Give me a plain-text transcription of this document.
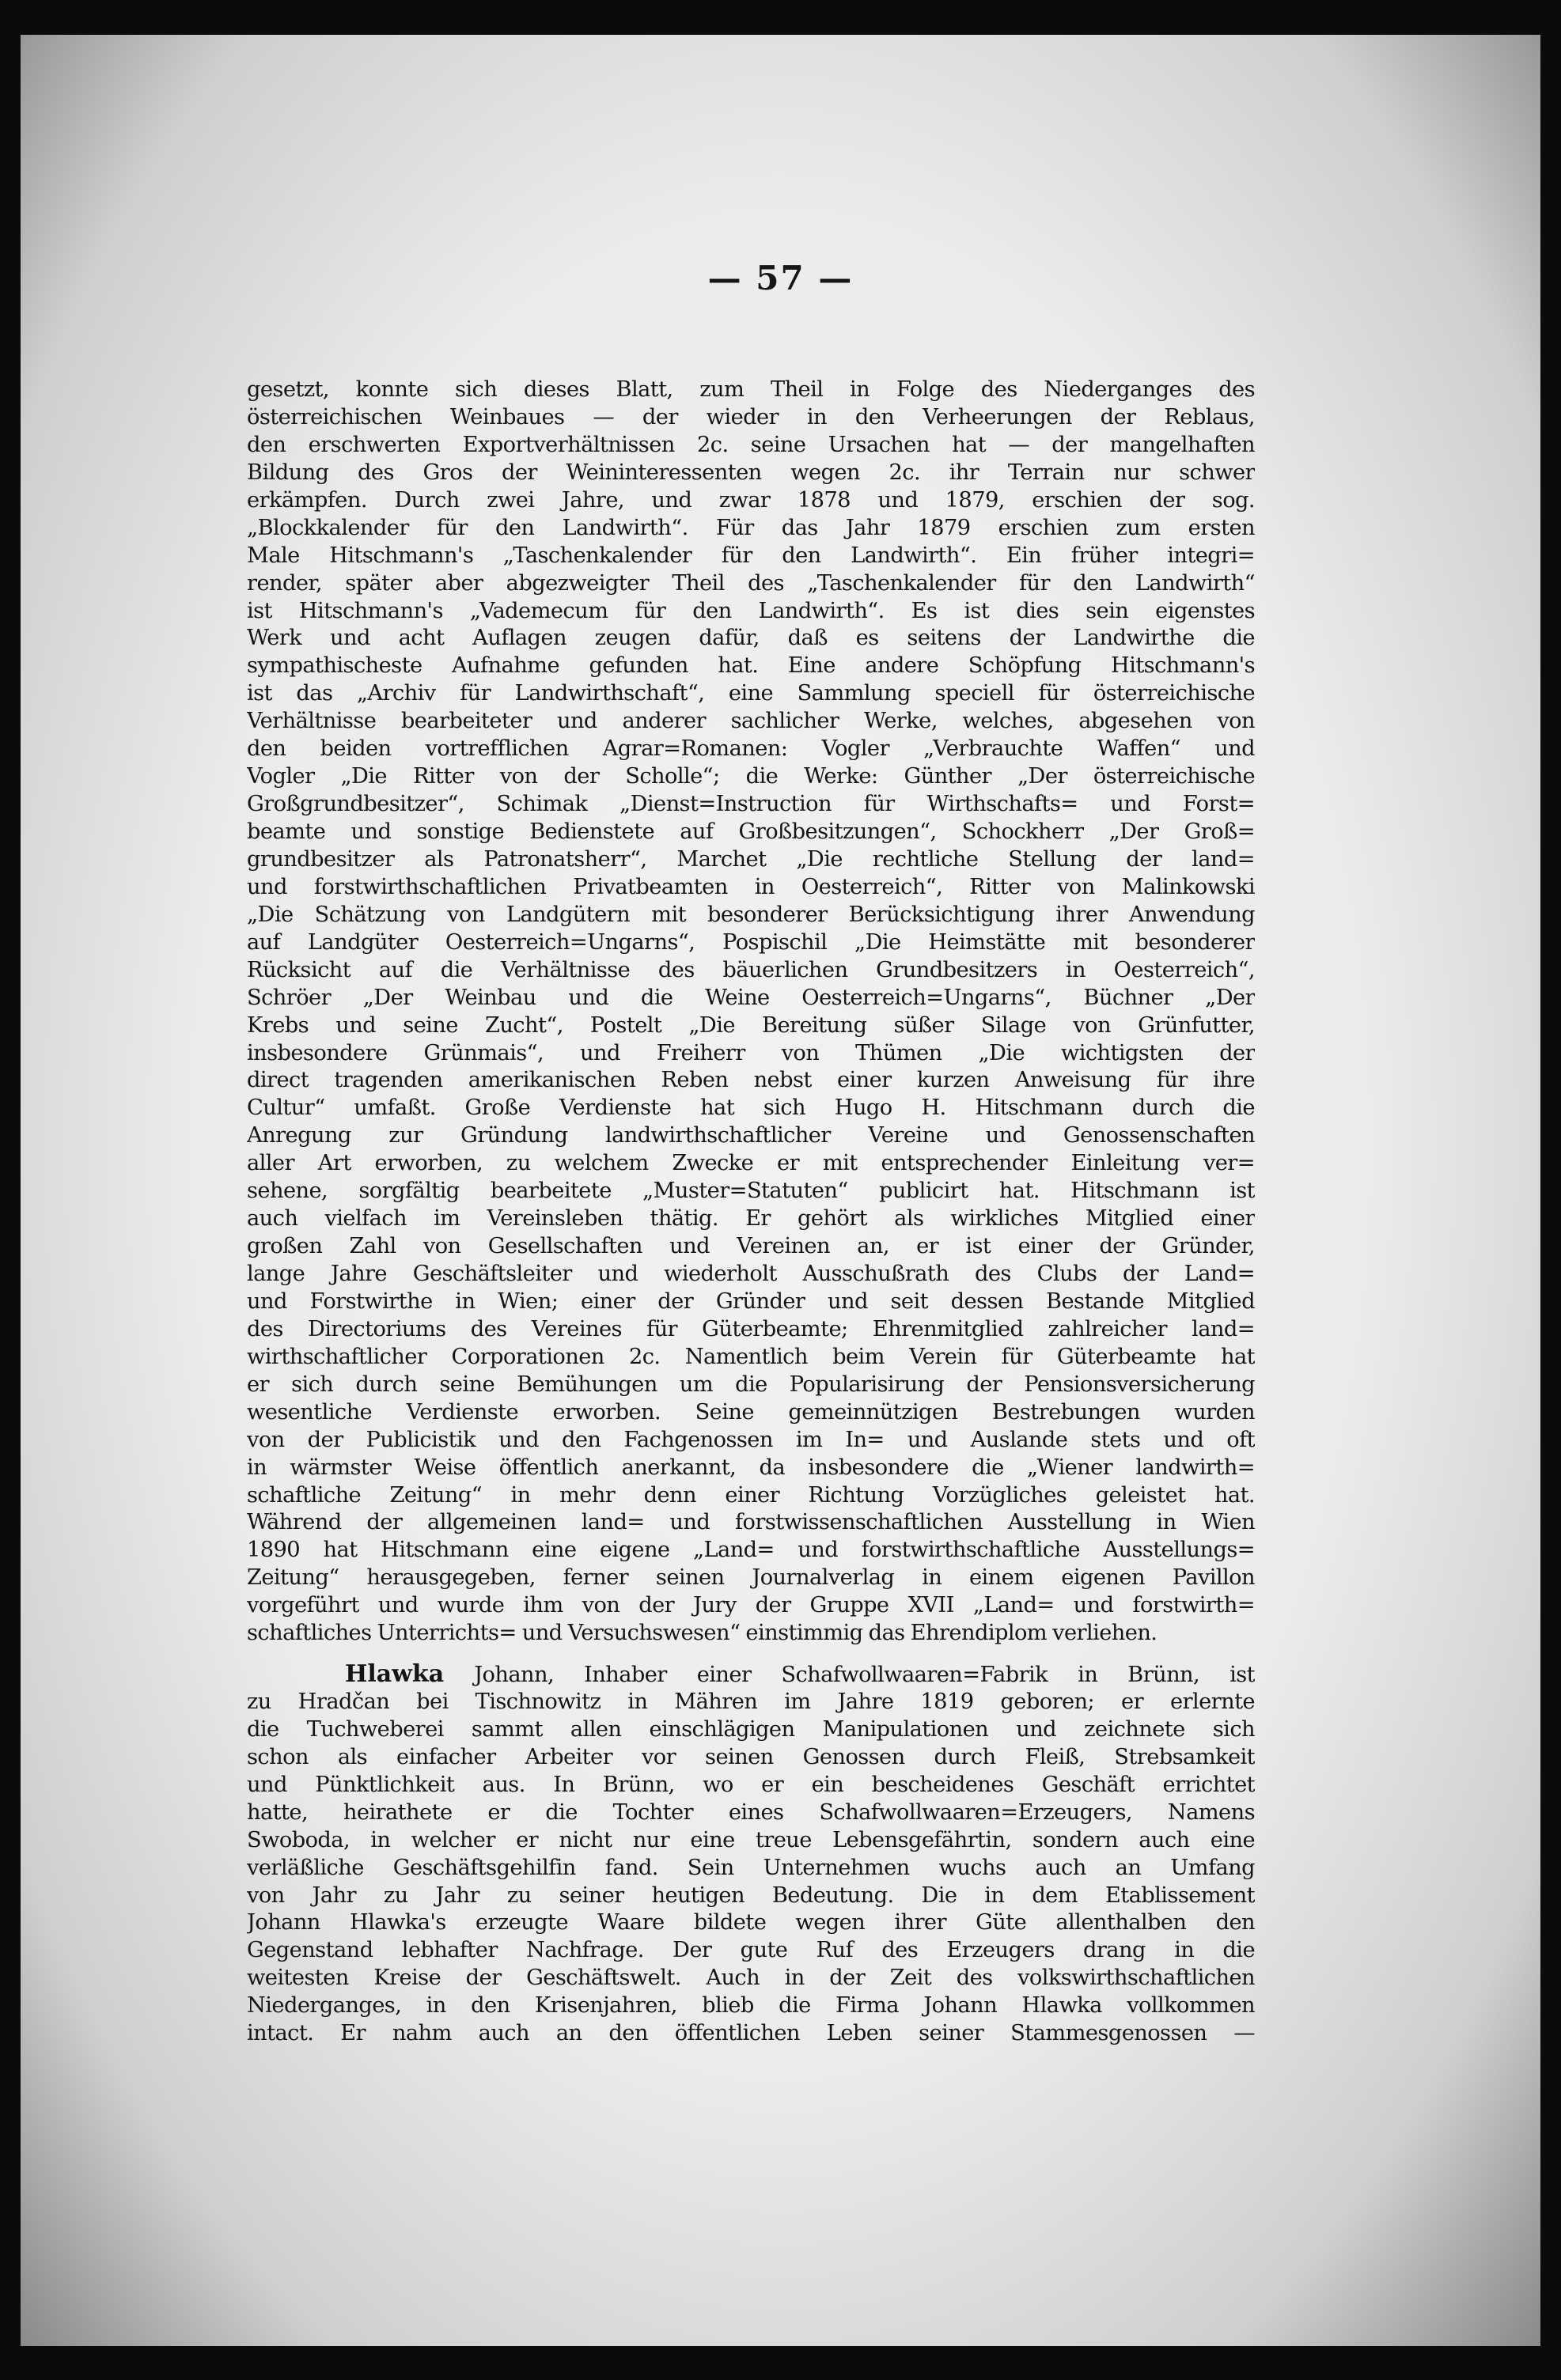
— 57 —
gesetzt, konnte sich dieses Blatt, zum Theil in Folge des Niederganges des
österreichischen Weinbaues — der wieder in den Verheerungen der Reblaus,
den erschwerten Exportverhältnissen 2c. seine Ursachen hat — der mangelhaften
Bildung des Gros der Weininteressenten wegen 2c. ihr Terrain nur schwer
erkämpfen. Durch zwei Jahre, und zwar 1878 und 1879, erschien der sog.
„Blockkalender für den Landwirth“. Für das Jahr 1879 erschien zum ersten
Male Hitschmann's „Taschenkalender für den Landwirth“. Ein früher integri=
render, später aber abgezweigter Theil des „Taschenkalender für den Landwirth“
ist Hitschmann's „Vademecum für den Landwirth“. Es ist dies sein eigenstes
Werk und acht Auflagen zeugen dafür, daß es seitens der Landwirthe die
sympathischeste Aufnahme gefunden hat. Eine andere Schöpfung Hitschmann's
ist das „Archiv für Landwirthschaft“, eine Sammlung speciell für österreichische
Verhältnisse bearbeiteter und anderer sachlicher Werke, welches, abgesehen von
den beiden vortrefflichen Agrar=Romanen: Vogler „Verbrauchte Waffen“ und
Vogler „Die Ritter von der Scholle“; die Werke: Günther „Der österreichische
Großgrundbesitzer“, Schimak „Dienst=Instruction für Wirthschafts= und Forst=
beamte und sonstige Bedienstete auf Großbesitzungen“, Schockherr „Der Groß=
grundbesitzer als Patronatsherr“, Marchet „Die rechtliche Stellung der land=
und forstwirthschaftlichen Privatbeamten in Oesterreich“, Ritter von Malinkowski
„Die Schätzung von Landgütern mit besonderer Berücksichtigung ihrer Anwendung
auf Landgüter Oesterreich=Ungarns“, Pospischil „Die Heimstätte mit besonderer
Rücksicht auf die Verhältnisse des bäuerlichen Grundbesitzers in Oesterreich“,
Schröer „Der Weinbau und die Weine Oesterreich=Ungarns“, Büchner „Der
Krebs und seine Zucht“, Postelt „Die Bereitung süßer Silage von Grünfutter,
insbesondere Grünmais“, und Freiherr von Thümen „Die wichtigsten der
direct tragenden amerikanischen Reben nebst einer kurzen Anweisung für ihre
Cultur“ umfaßt. Große Verdienste hat sich Hugo H. Hitschmann durch die
Anregung zur Gründung landwirthschaftlicher Vereine und Genossenschaften
aller Art erworben, zu welchem Zwecke er mit entsprechender Einleitung ver=
sehene, sorgfältig bearbeitete „Muster=Statuten“ publicirt hat. Hitschmann ist
auch vielfach im Vereinsleben thätig. Er gehört als wirkliches Mitglied einer
großen Zahl von Gesellschaften und Vereinen an, er ist einer der Gründer,
lange Jahre Geschäftsleiter und wiederholt Ausschußrath des Clubs der Land=
und Forstwirthe in Wien; einer der Gründer und seit dessen Bestande Mitglied
des Directoriums des Vereines für Güterbeamte; Ehrenmitglied zahlreicher land=
wirthschaftlicher Corporationen 2c. Namentlich beim Verein für Güterbeamte hat
er sich durch seine Bemühungen um die Popularisirung der Pensionsversicherung
wesentliche Verdienste erworben. Seine gemeinnützigen Bestrebungen wurden
von der Publicistik und den Fachgenossen im In= und Auslande stets und oft
in wärmster Weise öffentlich anerkannt, da insbesondere die „Wiener landwirth=
schaftliche Zeitung“ in mehr denn einer Richtung Vorzügliches geleistet hat.
Während der allgemeinen land= und forstwissenschaftlichen Ausstellung in Wien
1890 hat Hitschmann eine eigene „Land= und forstwirthschaftliche Ausstellungs=
Zeitung“ herausgegeben, ferner seinen Journalverlag in einem eigenen Pavillon
vorgeführt und wurde ihm von der Jury der Gruppe XVII „Land= und forstwirth=
schaftliches Unterrichts= und Versuchswesen“ einstimmig das Ehrendiplom verliehen.
Hlawka Johann, Inhaber einer Schafwollwaaren=Fabrik in Brünn, ist
zu Hradčan bei Tischnowitz in Mähren im Jahre 1819 geboren; er erlernte
die Tuchweberei sammt allen einschlägigen Manipulationen und zeichnete sich
schon als einfacher Arbeiter vor seinen Genossen durch Fleiß, Strebsamkeit
und Pünktlichkeit aus. In Brünn, wo er ein bescheidenes Geschäft errichtet
hatte, heirathete er die Tochter eines Schafwollwaaren=Erzeugers, Namens
Swoboda, in welcher er nicht nur eine treue Lebensgefährtin, sondern auch eine
verläßliche Geschäftsgehilfin fand. Sein Unternehmen wuchs auch an Umfang
von Jahr zu Jahr zu seiner heutigen Bedeutung. Die in dem Etablissement
Johann Hlawka's erzeugte Waare bildete wegen ihrer Güte allenthalben den
Gegenstand lebhafter Nachfrage. Der gute Ruf des Erzeugers drang in die
weitesten Kreise der Geschäftswelt. Auch in der Zeit des volkswirthschaftlichen
Niederganges, in den Krisenjahren, blieb die Firma Johann Hlawka vollkommen
intact. Er nahm auch an den öffentlichen Leben seiner Stammesgenossen —
